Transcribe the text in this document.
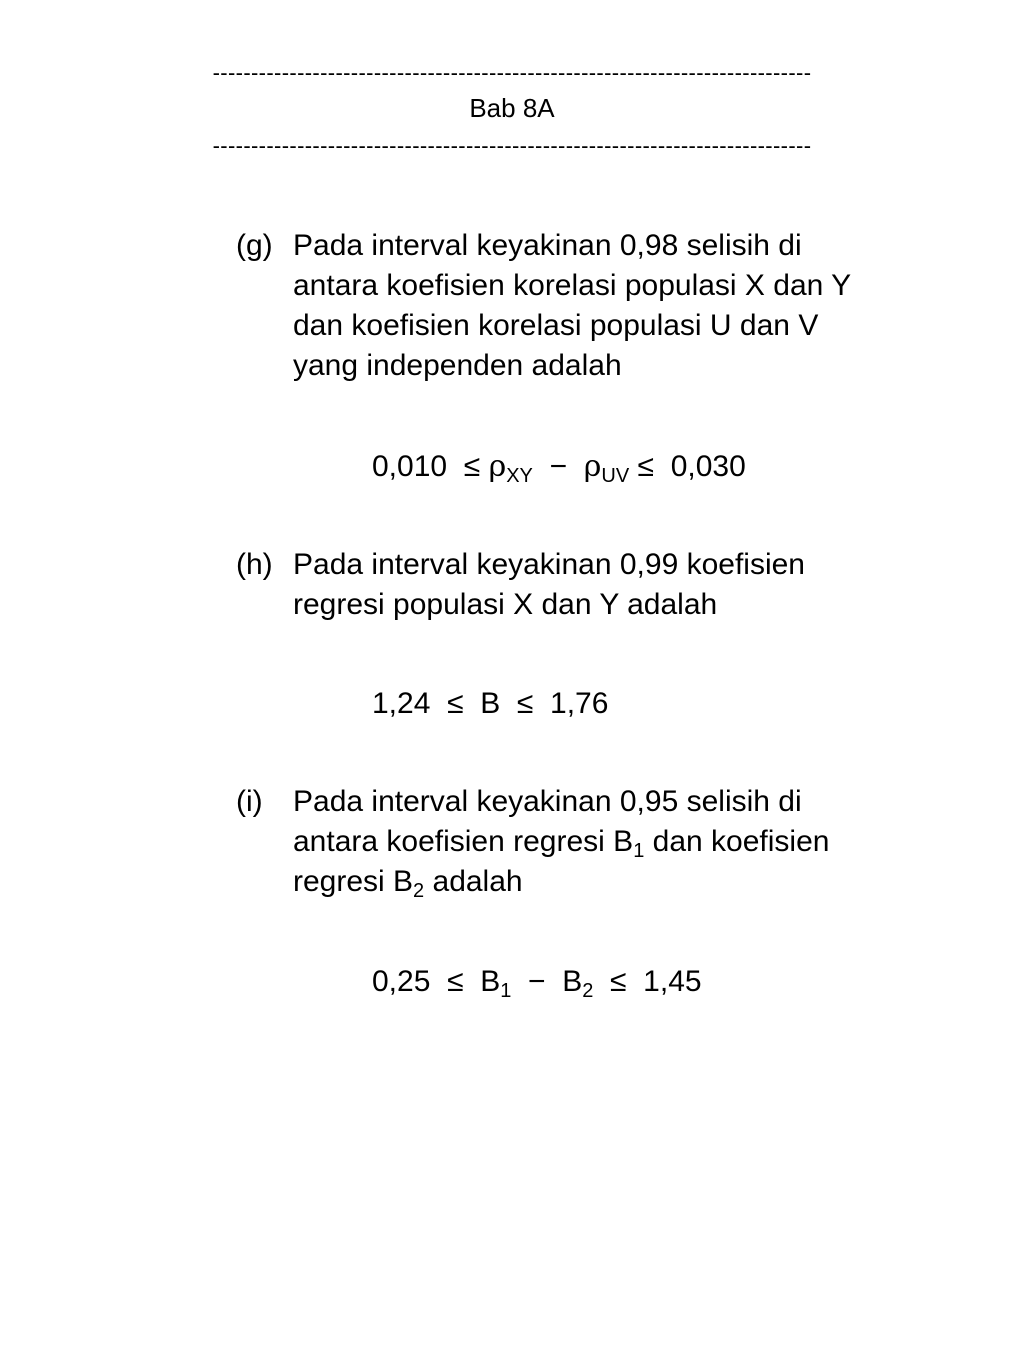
------------------------------------------------------------------------------
Bab 8A
------------------------------------------------------------------------------
(g) Pada interval keyakinan 0,98 selisih di
antara koefisien korelasi populasi X dan Y
dan koefisien korelasi populasi U dan V
yang independen adalah
$0,010 \le \rho_{XY} - \rho_{UV} \le 0,030$
(h) Pada interval keyakinan 0,99 koefisien
regresi populasi X dan Y adalah
1,24 ≤ B ≤ 1,76
(i) Pada interval keyakinan 0,95 selisih di
antara koefisien regresi $B_1$ dan koefisien
regresi $B_2$ adalah
$0,25 \le B_1 - B_2 \le 1,45$
